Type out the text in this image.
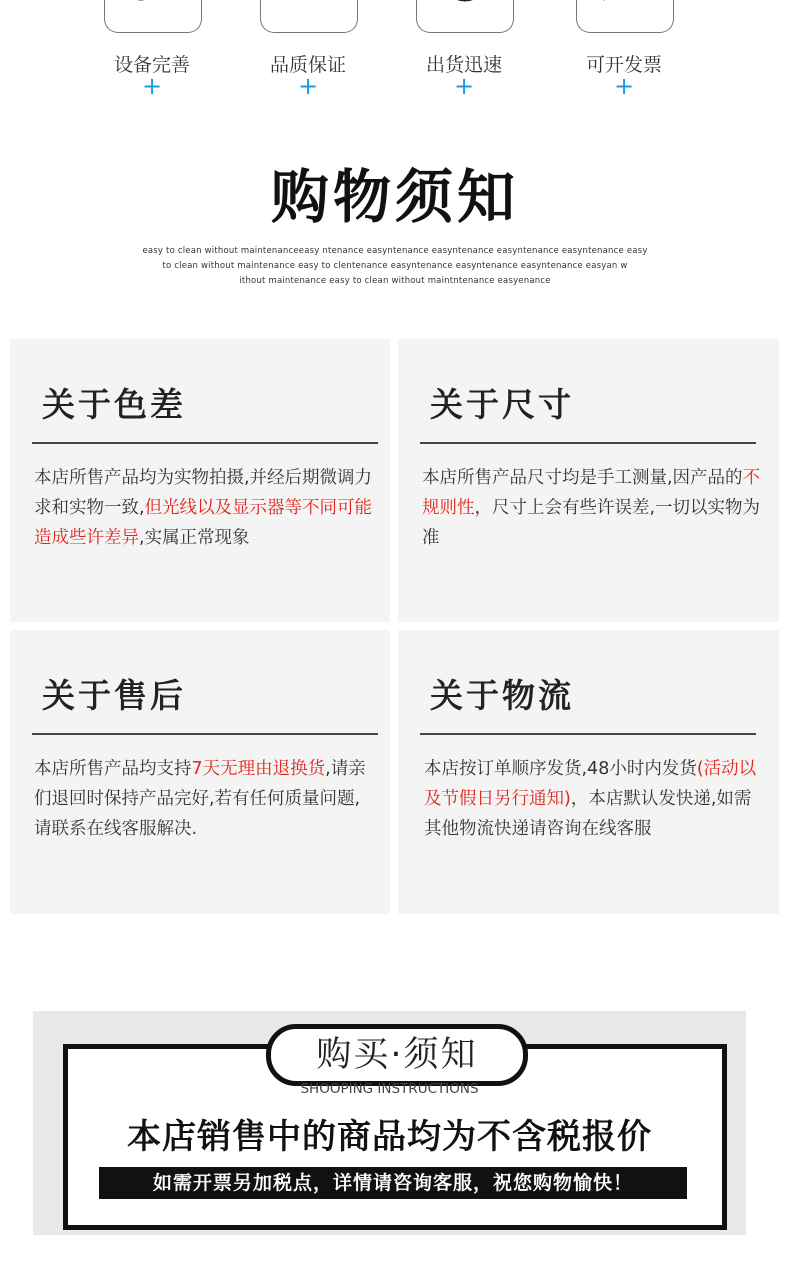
设备完善
+
品质保证
+
出货迅速
+
可开发票
+
购物须知
easy to clean without maintenanceeasy ntenance easyntenance easyntenance easyntenance easyntenance easy
to clean without maintenance easy to clentenance easyntenance easyntenance easyntenance easyan w
ithout maintenance easy to clean without maintntenance easyenance
关于色差

本店所售产品均为实物拍摄,并经后期微调力求和实物一致,但光线以及显示器等不同可能造成些许差异,实属正常现象

关于尺寸

本店所售产品尺寸均是手工测量,因产品的不规则性，尺寸上会有些许误差,一切以实物为准

关于售后

本店所售产品均支持7天无理由退换货,请亲们退回时保持产品完好,若有任何质量问题,请联系在线客服解决.

关于物流

本店按订单顺序发货,48小时内发货(活动以及节假日另行通知)，本店默认发快递,如需其他物流快递请咨询在线客服

购买·须知
SHOOPING INSTRUCTIONS
本店销售中的商品均为不含税报价
如需开票另加税点，详情请咨询客服，祝您购物愉快！
